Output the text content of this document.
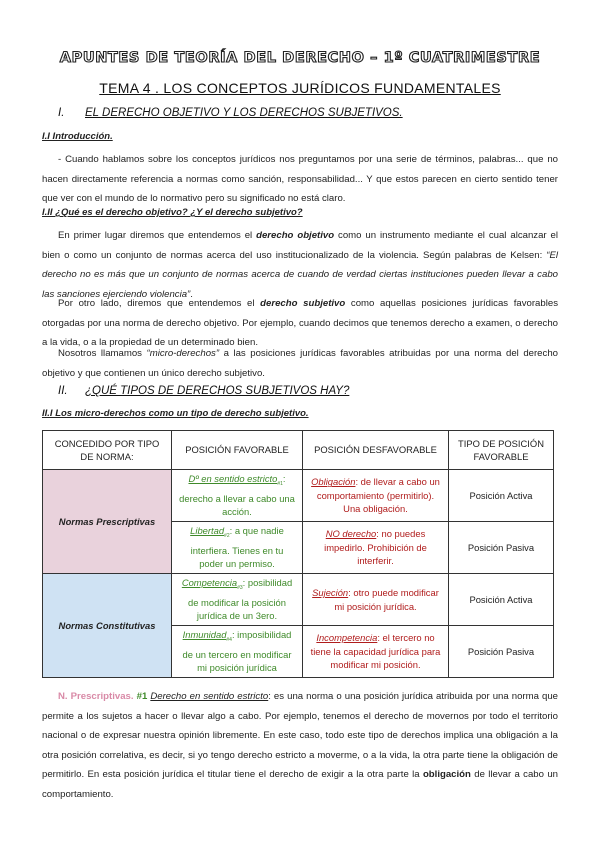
APUNTES DE TEORÍA DEL DERECHO – 1º CUATRIMESTRE
TEMA 4 . LOS CONCEPTOS JURÍDICOS FUNDAMENTALES
I. EL DERECHO OBJETIVO Y LOS DERECHOS SUBJETIVOS.
I.I Introducción.
- Cuando hablamos sobre los conceptos jurídicos nos preguntamos por una serie de términos, palabras... que no hacen directamente referencia a normas como sanción, responsabilidad... Y que estos parecen en cierto sentido tener que ver con el mundo de lo normativo pero su significado no está claro.
I.II ¿Qué es el derecho objetivo? ¿Y el derecho subjetivo?
En primer lugar diremos que entendemos el derecho objetivo como un instrumento mediante el cual alcanzar el bien o como un conjunto de normas acerca del uso institucionalizado de la violencia. Según palabras de Kelsen: “El derecho no es más que un conjunto de normas acerca de cuando de verdad ciertas instituciones pueden llevar a cabo las sanciones ejerciendo violencia”.
Por otro lado, diremos que entendemos el derecho subjetivo como aquellas posiciones jurídicas favorables otorgadas por una norma de derecho objetivo. Por ejemplo, cuando decimos que tenemos derecho a examen, o derecho a la vida, o a la propiedad de un determinado bien.
Nosotros llamamos “micro-derechos” a las posiciones jurídicas favorables atribuidas por una norma del derecho objetivo y que contienen un único derecho subjetivo.
II. ¿QUÉ TIPOS DE DERECHOS SUBJETIVOS HAY?
II.I Los micro-derechos como un tipo de derecho subjetivo.
CONCEDIDO POR TIPO DE NORMA:	POSICIÓN FAVORABLE	POSICIÓN DESFAVORABLE	TIPO DE POSICIÓN FAVORABLE
Normas Prescriptivas	Dº en sentido estricto$_{\#1}$: derecho a llevar a cabo una acción.	Obligación: de llevar a cabo un comportamiento (permitirlo). Una obligación.	Posición Activa
	Libertad$_{\#2}$: a que nadie interfiera. Tienes en tu poder un permiso.	NO derecho: no puedes impedirlo. Prohibición de interferir.	Posición Pasiva
Normas Constitutivas	Competencia$_{\#3}$: posibilidad de modificar la posición jurídica de un 3ero.	Sujeción: otro puede modificar mi posición jurídica.	Posición Activa
	Inmunidad$_{\#4}$: imposibilidad de un tercero en modificar mi posición jurídica	Incompetencia: el tercero no tiene la capacidad jurídica para modificar mi posición.	Posición Pasiva
N. Prescriptivas. #1 Derecho en sentido estricto: es una norma o una posición jurídica atribuida por una norma que permite a los sujetos a hacer o llevar algo a cabo. Por ejemplo, tenemos el derecho de movernos por todo el territorio nacional o de expresar nuestra opinión libremente. En este caso, todo este tipo de derechos implica una obligación a la otra posición correlativa, es decir, si yo tengo derecho estricto a moverme, o a la vida, la otra parte tiene la obligación de permitirlo. En esta posición jurídica el titular tiene el derecho de exigir a la otra parte la obligación de llevar a cabo un comportamiento.
